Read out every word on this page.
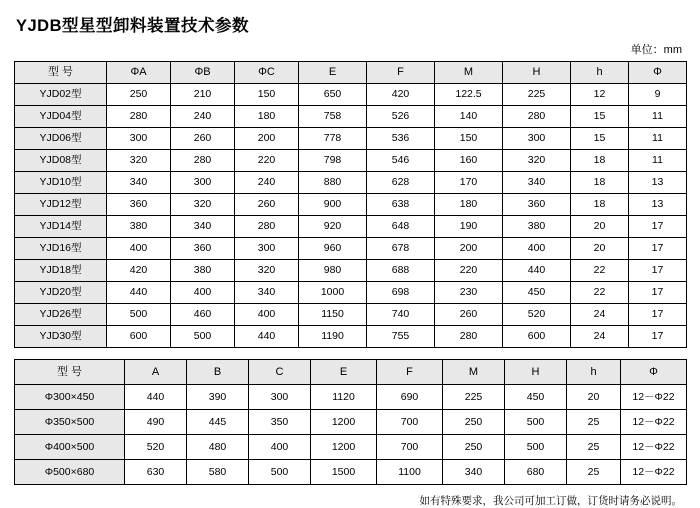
YJDB型星型卸料装置技术参数
单位：mm
型 号	ΦA	ΦB	ΦC	E	F	M	H	h	Φ
YJD02型	250	210	150	650	420	122.5	225	12	9
YJD04型	280	240	180	758	526	140	280	15	11
YJD06型	300	260	200	778	536	150	300	15	11
YJD08型	320	280	220	798	546	160	320	18	11
YJD10型	340	300	240	880	628	170	340	18	13
YJD12型	360	320	260	900	638	180	360	18	13
YJD14型	380	340	280	920	648	190	380	20	17
YJD16型	400	360	300	960	678	200	400	20	17
YJD18型	420	380	320	980	688	220	440	22	17
YJD20型	440	400	340	1000	698	230	450	22	17
YJD26型	500	460	400	1150	740	260	520	24	17
YJD30型	600	500	440	1190	755	280	600	24	17
型 号	A	B	C	E	F	M	H	h	Φ
Φ300×450	440	390	300	1120	690	225	450	20	12－Φ22
Φ350×500	490	445	350	1200	700	250	500	25	12－Φ22
Φ400×500	520	480	400	1200	700	250	500	25	12－Φ22
Φ500×680	630	580	500	1500	1100	340	680	25	12－Φ22
如有特殊要求，我公司可加工订做，订货时请务必说明。
